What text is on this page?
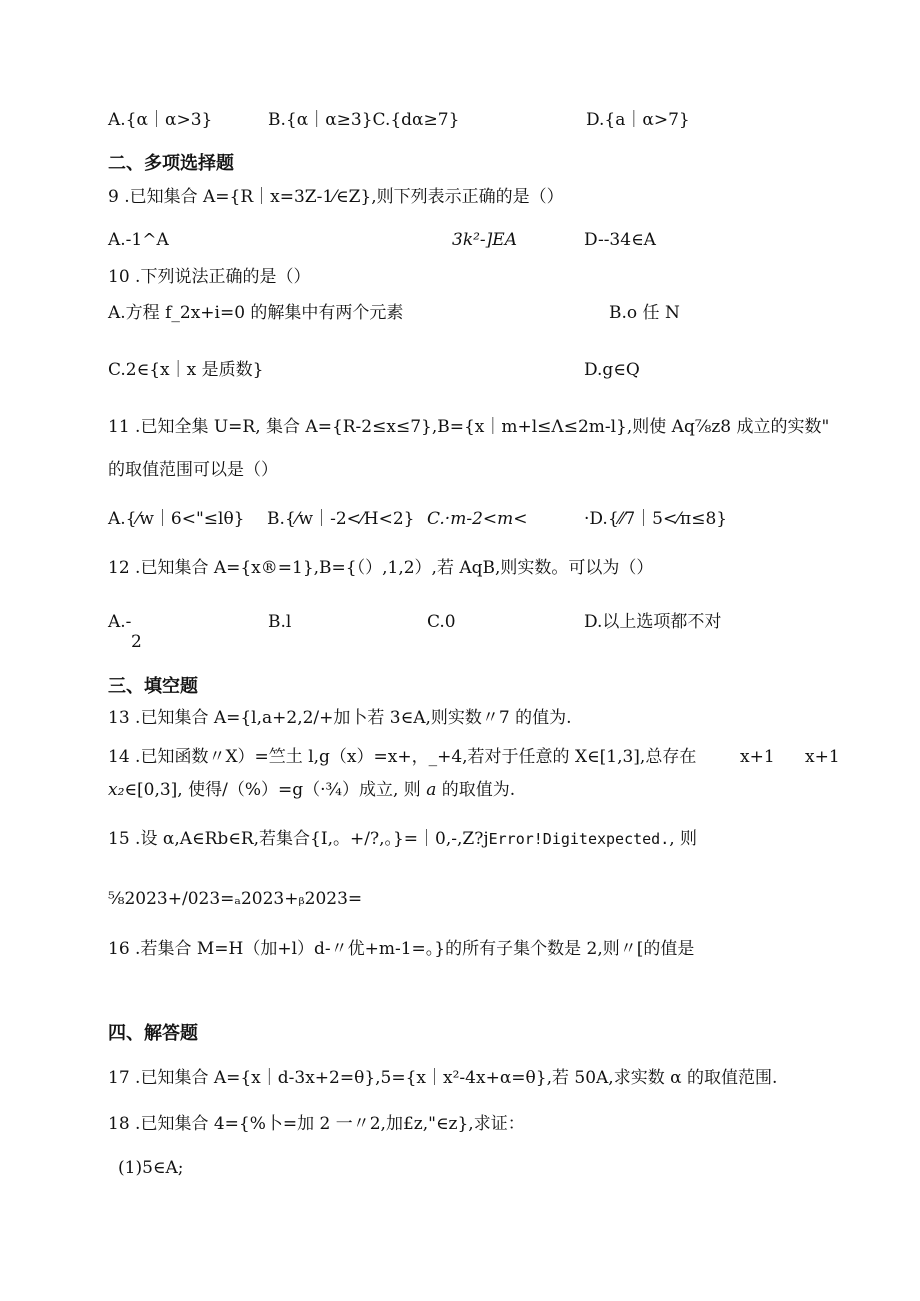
A.{α｜α>3}	B.{α｜α≥3}C.{dα≥7}	D.{a｜α>7}
二、多项选择题
9 .已知集合 A={R｜x=3Z-1⁄∈Z},则下列表示正确的是（）
A.-1^A	3k²-]EA	D--34∈A
10 .下列说法正确的是（）
A.方程 f_2x+i=0 的解集中有两个元素	B.o 任 N
C.2∈{x｜x 是质数}	D.g∈Q
11 .已知全集 U=R, 集合 A={R-2≤x≤7},B={x｜m+l≤Λ≤2m-l},则使 Aq⅞z8 成立的实数"
的取值范围可以是（）
A.{⁄w｜6<"≤lθ} B.{⁄w｜-2<⁄H<2} C.·m-2<m<	·D.{⁄⁄7｜5<⁄π≤8}
12 .已知集合 A={x®=1},B={（）,1,2）,若 AqB,则实数。可以为（）
A.-
2
B.l	C.0	D.以上选项都不对
三、填空题
13 .已知集合 A={l,a+2,2/+加卜若 3∈A,则实数〃7 的值为.
14 .已知函数〃X）=竺土 l,g（x）=x+，_+4,若对于任意的 X∈[1,3],总存在	x+1 x+1
x₂∈[0,3], 使得/（%）=g（·¾）成立, 则 a 的取值为.
15 .设 α,A∈Rb∈R,若集合{I,。+/?,。}=｜0,-,Z?jError!Digitexpected., 则
⅝2023+/023=ₐ2023+ᵦ2023=
16 .若集合 M=H（加+l）d-〃优+m-1=。}的所有子集个数是 2,则〃[的值是
四、解答题
17 .已知集合 A={x｜d-3x+2=θ},5={x｜x²-4x+α=θ},若 50A,求实数 α 的取值范围.
18 .已知集合 4={%卜=加 2 一〃2,加£z,"∈z},求证：
(1)5∈A;
